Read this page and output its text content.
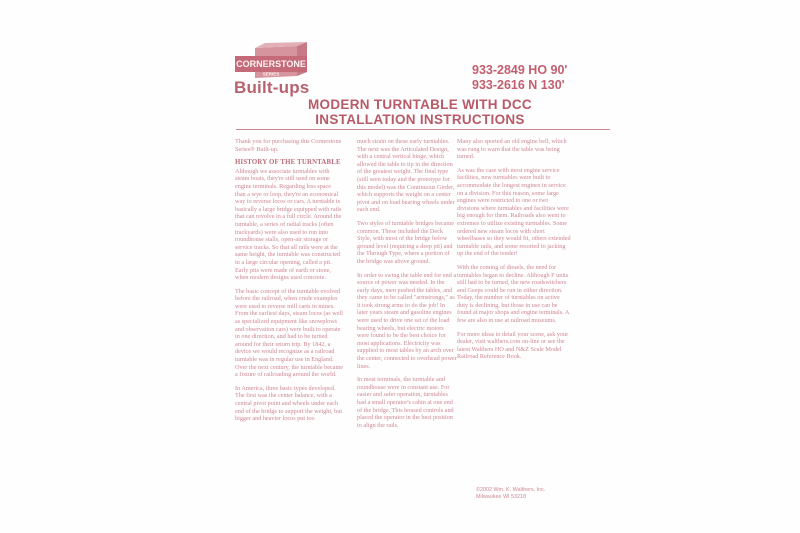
CORNERSTONE
SERIES
Built-ups
933-2849 HO 90'
933-2616 N 130'
MODERN TURNTABLE WITH DCC
INSTALLATION INSTRUCTIONS

Thank you for purchasing this Cornerstone Series® Built-up.

HISTORY OF THE TURNTABLE

Although we associate turntables with steam boats, they're still used on some engine terminals. Regarding less space than a wye or loop, they're an economical way to reverse locos or cars. A turntable is basically a large bridge equipped with rails that can revolve in a full circle. Around the turntable, a series of radial tracks (often trackyards) were also used to run into roundhouse stalls, open-air storage or service tracks. So that all rails were at the same height, the turntable was constructed in a large circular opening, called a pit. Early pits were made of earth or stone, when modern designs used concrete.

The basic concept of the turntable evolved before the railroad, when crude examples were used to reverse mill carts in mines. From the earliest days, steam locos (as well as specialized equipment like snowplows and observation cars) were built to operate in one direction, and had to be turned around for their return trip. By 1842, a device we would recognize as a railroad turntable was in regular use in England. Over the next century, the turntable became a fixture of railroading around the world.

In America, three basic types developed. The first was the center balance, with a central pivot point and wheels under each end of the bridge to support the weight, but bigger and heavier locos put too

much strain on these early turntables. The next was the Articulated Design, with a central vertical hinge, which allowed the table to tip in the direction of the greatest weight. The final type (still seen today and the prototype for this model) was the Continuous Girder, which supports the weight on a center pivot and on load bearing wheels under each end.

Two styles of turntable bridges became common. These included the Deck Style, with most of the bridge below ground level (requiring a deep pit) and the Through Type, where a portion of the bridge was above ground.

In order to swing the table end for end a source of power was needed. In the early days, men pushed the tables, and they came to be called "armstrongs," as it took strong arms to do the job! In later years steam and gasoline engines were used to drive one set of the load bearing wheels, but electric motors were found to be the best choice for most applications. Electricity was supplied to most tables by an arch over the center, connected to overhead power lines.

In most terminals, the turntable and roundhouse were in constant use. For easier and safer operation, turntables had a small operator's cabin at one end of the bridge. This housed controls and placed the operator in the best position to align the rails.

Many also sported an old engine bell, which was rung to warn that the table was being turned.

As was the case with most engine service facilities, new turntables were built to accommodate the longest engines in service on a division. For this reason, some large engines were restricted to one or two divisions where turntables and facilities were big enough for them. Railroads also went to extremes to utilize existing turntables. Some ordered new steam locos with short wheelbases so they would fit, others extended turntable rails, and some resorted to jacking up the end of the tender!

With the coming of diesels, the need for turntables began to decline. Although F units still had to be turned, the new roadswitchers and Geeps could be run in either direction. Today, the number of turntables on active duty is declining, but those in use can be found at major shops and engine terminals. A few are also in use at railroad museums.

For more ideas to detail your scene, ask your dealer, visit walthers.com on-line or see the latest Walthers HO and N&Z Scale Model Railroad Reference Book.

©2002 Wm. K. Walthers, Inc.
Milwaukee WI 53218
